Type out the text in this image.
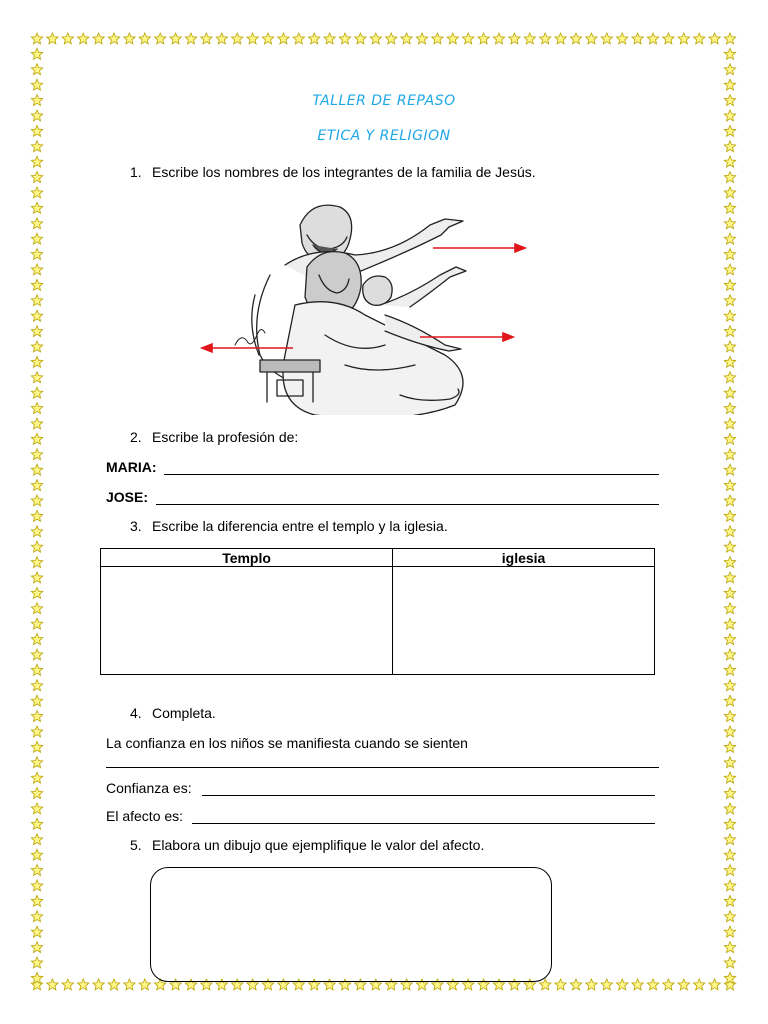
TALLER DE REPASO
ETICA Y RELIGION
1. Escribe los nombres de los integrantes de la familia de Jesús.
2. Escribe la profesión de:
MARIA:
JOSE:
3. Escribe la diferencia entre el templo y la iglesia.
Templo	iglesia

4. Completa.
La confianza en los niños se manifiesta cuando se sienten
Confianza es:
El afecto es:
5. Elabora un dibujo que ejemplifique le valor del afecto.
